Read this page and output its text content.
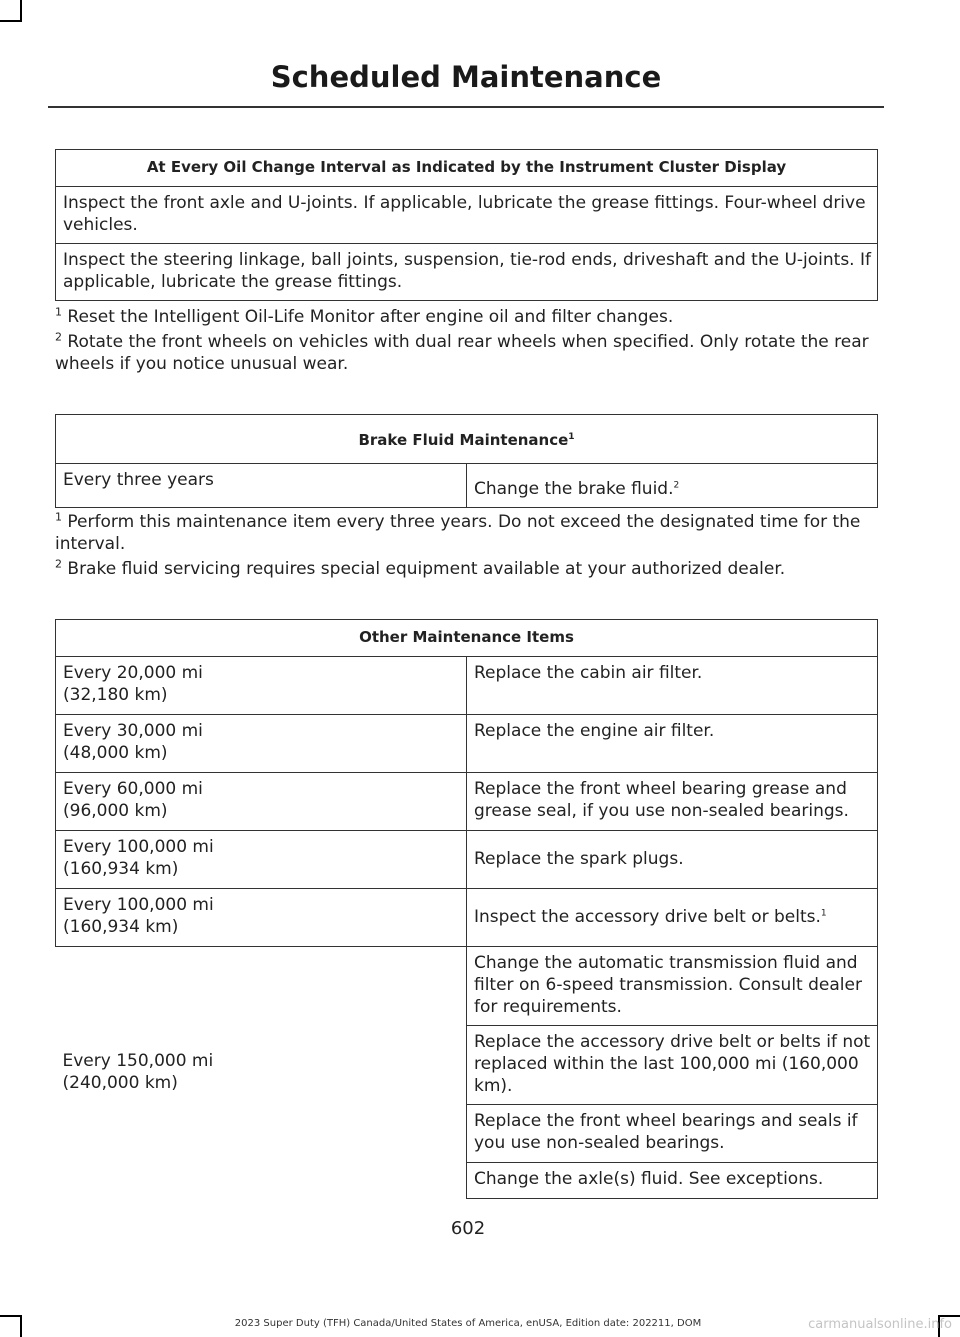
Scheduled Maintenance
At Every Oil Change Interval as Indicated by the Instrument Cluster Display
Inspect the front axle and U-joints. If applicable, lubricate the grease fittings. Four-wheel drive vehicles.
Inspect the steering linkage, ball joints, suspension, tie-rod ends, driveshaft and the U-joints. If applicable, lubricate the grease fittings.

$^1$ Reset the Intelligent Oil-Life Monitor after engine oil and filter changes.

$^2$ Rotate the front wheels on vehicles with dual rear wheels when specified. Only rotate the rear wheels if you notice unusual wear.

Brake Fluid Maintenance$^1$
Every three years	Change the brake fluid.$^2$

$^1$ Perform this maintenance item every three years. Do not exceed the designated time for the interval.

$^2$ Brake fluid servicing requires special equipment available at your authorized dealer.

Other Maintenance Items	
Every 20,000 mi
(32,180 km)	Replace the cabin air filter.
Every 30,000 mi
(48,000 km)	Replace the engine air filter.
Every 60,000 mi
(96,000 km)	Replace the front wheel bearing grease and grease seal, if you use non-sealed bearings.
Every 100,000 mi
(160,934 km)	Replace the spark plugs.
Every 100,000 mi
(160,934 km)	Inspect the accessory drive belt or belts.$^1$
Every 150,000 mi
(240,000 km)	Change the automatic transmission fluid and filter on 6-speed transmission. Consult dealer for requirements.
	Replace the accessory drive belt or belts if not replaced within the last 100,000 mi (160,000 km).
	Replace the front wheel bearings and seals if you use non-sealed bearings.
	Change the axle(s) fluid. See exceptions.
602
2023 Super Duty (TFH) Canada/United States of America, enUSA, Edition date: 202211, DOM	carmanualsonline.info
